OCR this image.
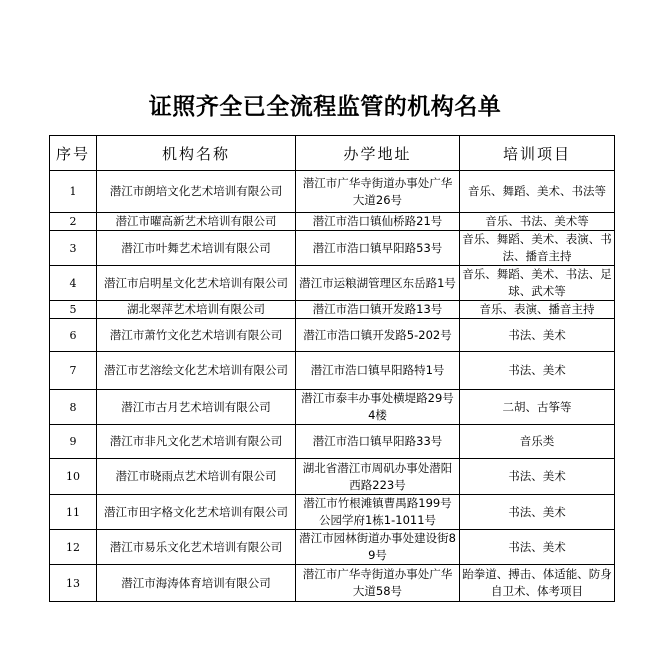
证照齐全已全流程监管的机构名单
序号	机构名称	办学地址	培训项目
1	潜江市朗培文化艺术培训有限公司	潜江市广华寺街道办事处广华大道26号	音乐、舞蹈、美术、书法等
2	潜江市曜高新艺术培训有限公司	潜江市浩口镇仙桥路21号	音乐、书法、美术等
3	潜江市叶舞艺术培训有限公司	潜江市浩口镇早阳路53号	音乐、舞蹈、美术、表演、书法、播音主持
4	潜江市启明星文化艺术培训有限公司	潜江市运粮湖管理区东岳路1号	音乐、舞蹈、美术、书法、足球、武术等
5	湖北翠萍艺术培训有限公司	潜江市浩口镇开发路13号	音乐、表演、播音主持
6	潜江市萧竹文化艺术培训有限公司	潜江市浩口镇开发路5-202号	书法、美术
7	潜江市艺溶绘文化艺术培训有限公司	潜江市浩口镇早阳路特1号	书法、美术
8	潜江市古月艺术培训有限公司	潜江市泰丰办事处横堤路29号4楼	二胡、古筝等
9	潜江市非凡文化艺术培训有限公司	潜江市浩口镇早阳路33号	音乐类
10	潜江市晓雨点艺术培训有限公司	湖北省潜江市周矶办事处潜阳西路223号	书法、美术
11	潜江市田字格文化艺术培训有限公司	潜江市竹根滩镇曹禺路199号公园学府1栋1-1011号	书法、美术
12	潜江市易乐文化艺术培训有限公司	潜江市园林街道办事处建设街89号	书法、美术
13	潜江市海涛体育培训有限公司	潜江市广华寺街道办事处广华大道58号	跆拳道、搏击、体适能、防身自卫术、体考项目
